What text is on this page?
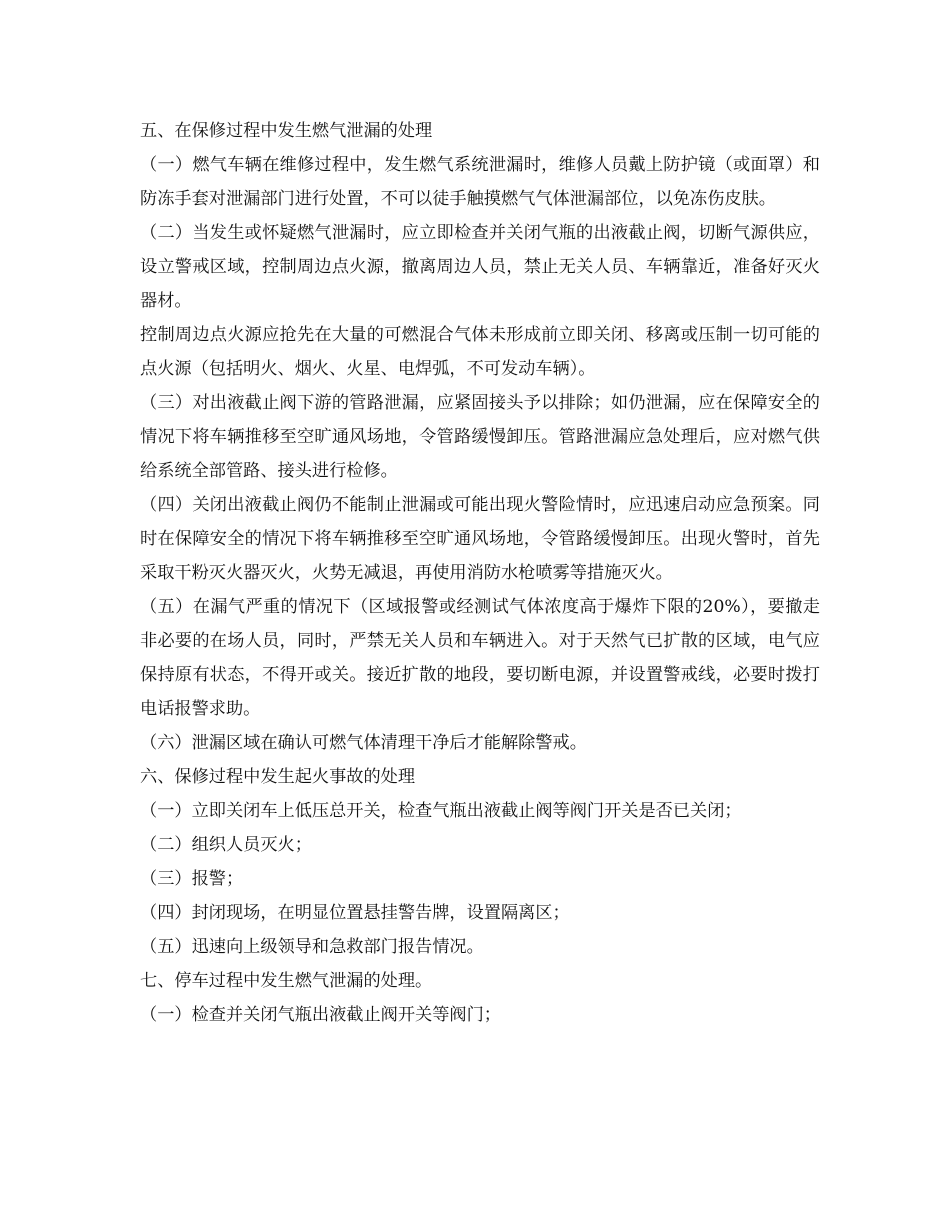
五、在保修过程中发生燃气泄漏的处理

（一）燃气车辆在维修过程中，发生燃气系统泄漏时，维修人员戴上防护镜（或面罩）和防冻手套对泄漏部门进行处置，不可以徒手触摸燃气气体泄漏部位，以免冻伤皮肤。

（二）当发生或怀疑燃气泄漏时，应立即检查并关闭气瓶的出液截止阀，切断气源供应，设立警戒区域，控制周边点火源，撤离周边人员，禁止无关人员、车辆靠近，准备好灭火器材。

控制周边点火源应抢先在大量的可燃混合气体未形成前立即关闭、移离或压制一切可能的点火源（包括明火、烟火、火星、电焊弧，不可发动车辆）。

（三）对出液截止阀下游的管路泄漏，应紧固接头予以排除；如仍泄漏，应在保障安全的情况下将车辆推移至空旷通风场地，令管路缓慢卸压。管路泄漏应急处理后，应对燃气供给系统全部管路、接头进行检修。

（四）关闭出液截止阀仍不能制止泄漏或可能出现火警险情时，应迅速启动应急预案。同时在保障安全的情况下将车辆推移至空旷通风场地，令管路缓慢卸压。出现火警时，首先采取干粉灭火器灭火，火势无减退，再使用消防水枪喷雾等措施灭火。

（五）在漏气严重的情况下（区域报警或经测试气体浓度高于爆炸下限的20%），要撤走非必要的在场人员，同时，严禁无关人员和车辆进入。对于天然气已扩散的区域，电气应保持原有状态，不得开或关。接近扩散的地段，要切断电源，并设置警戒线，必要时拨打电话报警求助。

（六）泄漏区域在确认可燃气体清理干净后才能解除警戒。

六、保修过程中发生起火事故的处理

（一）立即关闭车上低压总开关，检查气瓶出液截止阀等阀门开关是否已关闭；

（二）组织人员灭火；

（三）报警；

（四）封闭现场，在明显位置悬挂警告牌，设置隔离区；

（五）迅速向上级领导和急救部门报告情况。

七、停车过程中发生燃气泄漏的处理。

（一）检查并关闭气瓶出液截止阀开关等阀门；
